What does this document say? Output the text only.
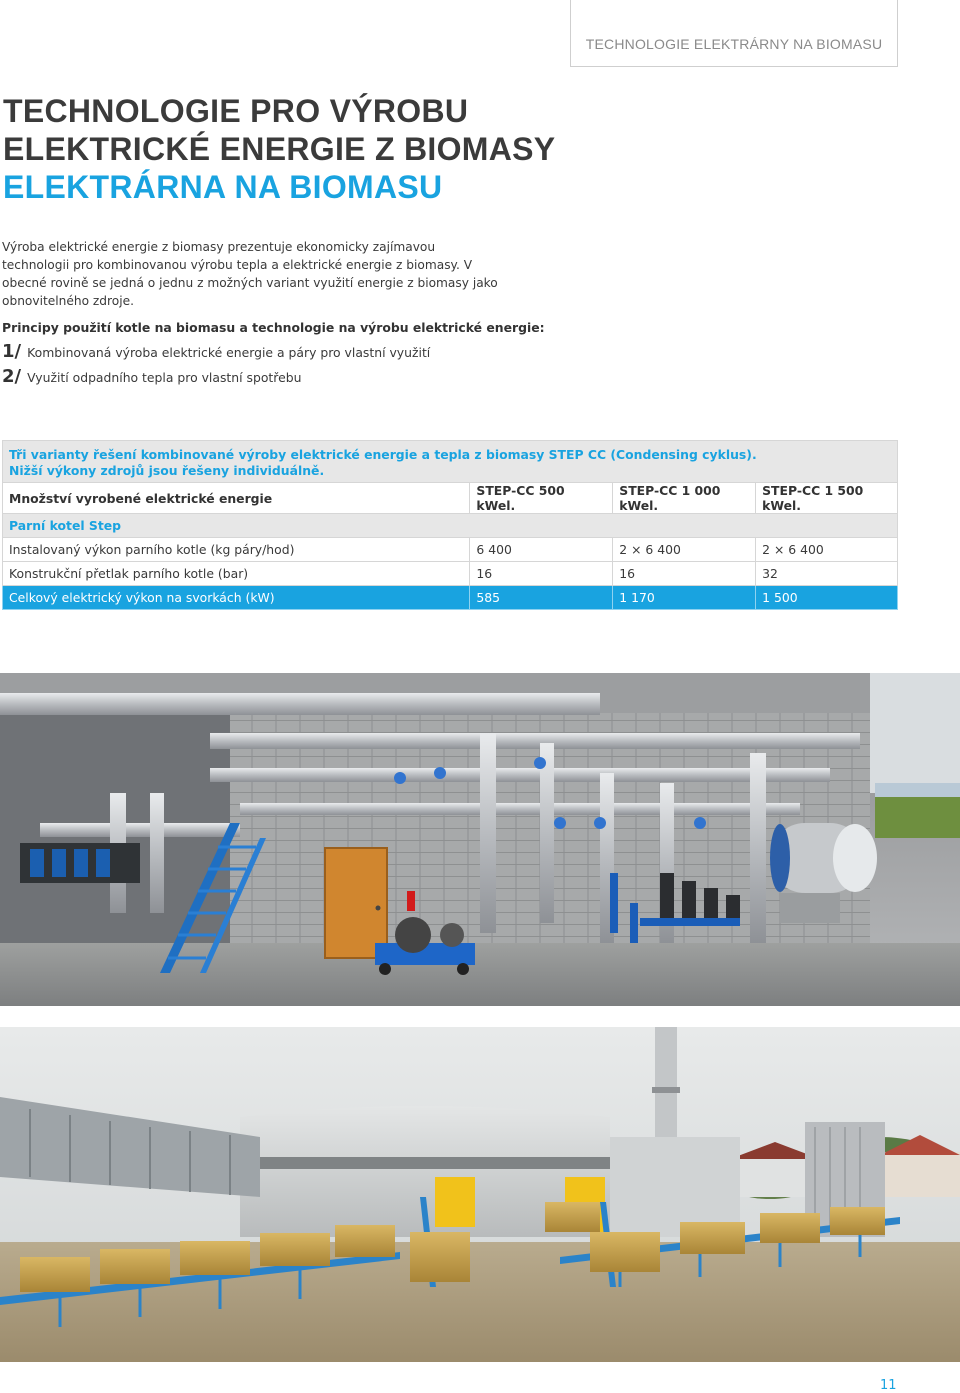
TECHNOLOGIE ELEKTRÁRNY NA BIOMASU
TECHNOLOGIE PRO VÝROBU
ELEKTRICKÉ ENERGIE Z BIOMASY
ELEKTRÁRNA NA BIOMASU

Výroba elektrické energie z biomasy prezentuje ekonomicky zajímavou technologii pro kombinovanou výrobu tepla a elektrické energie z biomasy. V obecné rovině se jedná o jednu z možných variant využití energie z biomasy jako obnovitelného zdroje.

Principy použití kotle na biomasu a technologie na výrobu elektrické energie:
1/ Kombinovaná výroba elektrické energie a páry pro vlastní využití
2/ Využití odpadního tepla pro vlastní spotřebu
Tři varianty řešení kombinované výroby elektrické energie a tepla z biomasy STEP CC (Condensing cyklus).
Nižší výkony zdrojů jsou řešeny individuálně.			
Množství vyrobené elektrické energie	STEP-CC 500 kWel.	STEP-CC 1 000 kWel.	STEP-CC 1 500 kWel.
Parní kotel Step			
Instalovaný výkon parního kotle (kg páry/hod)	6 400	2 × 6 400	2 × 6 400
Konstrukční přetlak parního kotle (bar)	16	16	32
Celkový elektrický výkon na svorkách (kW)	585	1 170	1 500
11
